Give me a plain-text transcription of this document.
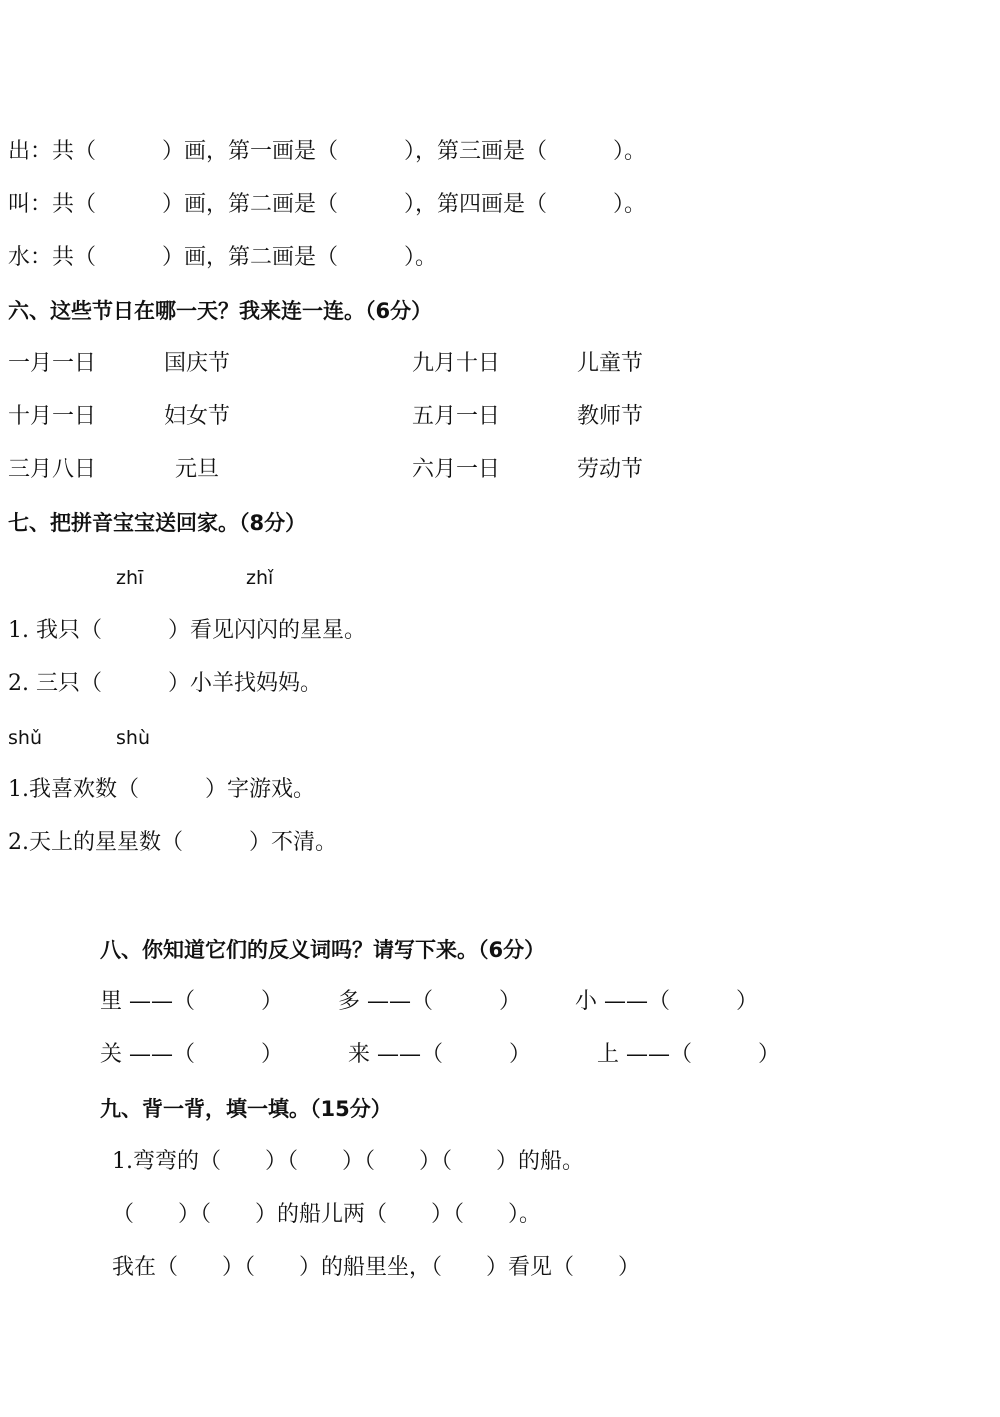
出：共（　　　）画，第一画是（　　　），第三画是（　　　）。
叫：共（　　　）画，第二画是（　　　），第四画是（　　　）。
水：共（　　　）画，第二画是（　　　）。
六、这些节日在哪一天？我来连一连。（6分）
一月一日	国庆节	九月十日	儿童节
十月一日	妇女节	五月一日	教师节
三月八日	元旦	六月一日	劳动节
七、把拼音宝宝送回家。（8分）
zhī	zhǐ
1. 我只（　　　）看见闪闪的星星。
2. 三只（　　　）小羊找妈妈。
shǔ	shù
1.我喜欢数（　　　）字游戏。
2.天上的星星数（　　　）不清。
八、你知道它们的反义词吗？请写下来。（6分）
里 ——（　　　）	多 ——（　　　） 小 ——（　　　）
关 ——（　　　）	来 ——（　　　）	上 ——（　　　）
九、背一背，填一填。（15分）
1.弯弯的（　　）（　　）（　　）（　　）的船。
（　　）（　　）的船儿两（　　）（　　）。
我在（　　）（　　）的船里坐，（　　）看见（　　）
